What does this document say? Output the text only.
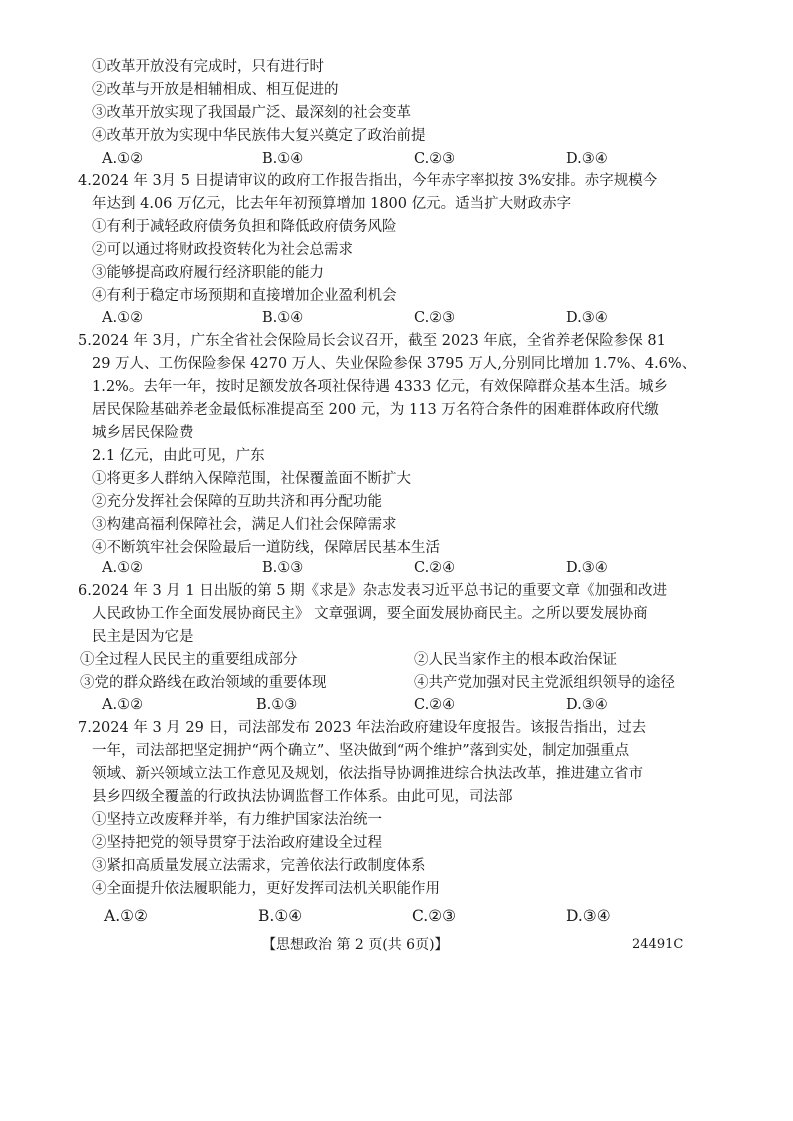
①改革开放没有完成时，只有进行时
②改革与开放是相辅相成、相互促进的
③改革开放实现了我国最广泛、最深刻的社会变革
④改革开放为实现中华民族伟大复兴奠定了政治前提
A.①②	B.①④	C.②③	D.③④
4.2024 年 3月 5 日提请审议的政府工作报告指出，今年赤字率拟按 3%安排。赤字规模今
年达到 4.06 万亿元，比去年年初预算增加 1800 亿元。适当扩大财政赤字
①有利于减轻政府债务负担和降低政府债务风险
②可以通过将财政投资转化为社会总需求
③能够提高政府履行经济职能的能力
④有利于稳定市场预期和直接增加企业盈利机会
A.①②	B.①④	C.②③	D.③④
5.2024 年 3月，广东全省社会保险局长会议召开，截至 2023 年底，全省养老保险参保 81
29 万人、工伤保险参保 4270 万人、失业保险参保 3795 万人,分别同比增加 1.7%、4.6%、
1.2%。去年一年，按时足额发放各项社保待遇 4333 亿元，有效保障群众基本生活。城乡
居民保险基础养老金最低标准提高至 200 元，为 113 万名符合条件的困难群体政府代缴
城乡居民保险费
2.1 亿元，由此可见，广东
①将更多人群纳入保障范围，社保覆盖面不断扩大
②充分发挥社会保障的互助共济和再分配功能
③构建高福利保障社会，满足人们社会保障需求
④不断筑牢社会保险最后一道防线，保障居民基本生活
A.①②	B.①③	C.②④	D.③④
6.2024 年 3 月 1 日出版的第 5 期《求是》杂志发表习近平总书记的重要文章《加强和改进
人民政协工作全面发展协商民主》 文章强调，要全面发展协商民主。之所以要发展协商
民主是因为它是
①全过程人民民主的重要组成部分	②人民当家作主的根本政治保证
③党的群众路线在政治领域的重要体现	④共产党加强对民主党派组织领导的途径
A.①②	B.①③	C.②④	D.③④
7.2024 年 3 月 29 日，司法部发布 2023 年法治政府建设年度报告。该报告指出，过去
一年，司法部把坚定拥护“两个确立”、坚决做到“两个维护”落到实处，制定加强重点
领域、新兴领域立法工作意见及规划，依法指导协调推进综合执法改革，推进建立省市
县乡四级全覆盖的行政执法协调监督工作体系。由此可见，司法部
①坚持立改废释并举，有力维护国家法治统一
②坚持把党的领导贯穿于法治政府建设全过程
③紧扣高质量发展立法需求，完善依法行政制度体系
④全面提升依法履职能力，更好发挥司法机关职能作用
A.①②	B.①④	C.②③	D.③④
【思想政治 第 2 页(共 6页)】	24491C
